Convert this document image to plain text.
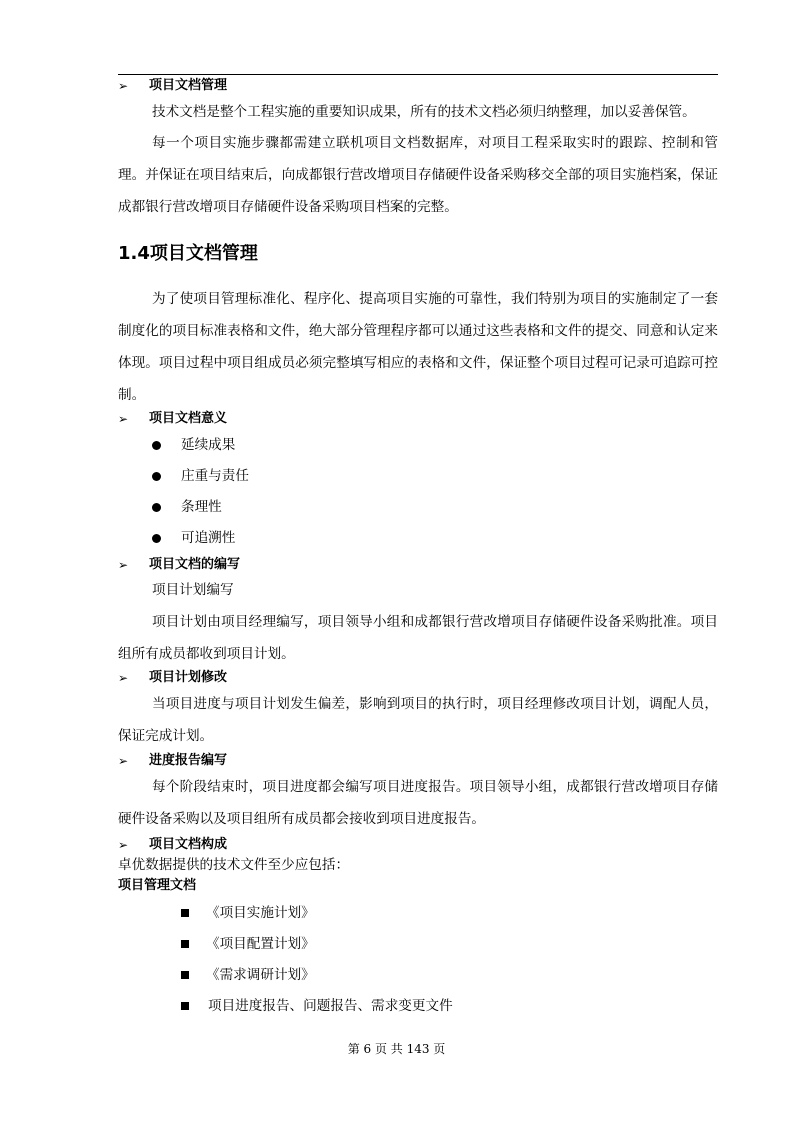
➢ 项目文档管理
技术文档是整个工程实施的重要知识成果，所有的技术文档必须归纳整理，加以妥善保管。
每一个项目实施步骤都需建立联机项目文档数据库，对项目工程采取实时的跟踪、控制和管理。并保证在项目结束后，向成都银行营改增项目存储硬件设备采购移交全部的项目实施档案，保证成都银行营改增项目存储硬件设备采购项目档案的完整。
1.4项目文档管理
为了使项目管理标准化、程序化、提高项目实施的可靠性，我们特别为项目的实施制定了一套制度化的项目标准表格和文件，绝大部分管理程序都可以通过这些表格和文件的提交、同意和认定来体现。项目过程中项目组成员必须完整填写相应的表格和文件，保证整个项目过程可记录可追踪可控制。
➢ 项目文档意义
延续成果
庄重与责任
条理性
可追溯性
➢ 项目文档的编写
项目计划编写
项目计划由项目经理编写，项目领导小组和成都银行营改增项目存储硬件设备采购批准。项目组所有成员都收到项目计划。
➢ 项目计划修改
当项目进度与项目计划发生偏差，影响到项目的执行时，项目经理修改项目计划，调配人员，保证完成计划。
➢ 进度报告编写
每个阶段结束时，项目进度都会编写项目进度报告。项目领导小组，成都银行营改增项目存储硬件设备采购以及项目组所有成员都会接收到项目进度报告。
➢ 项目文档构成
卓优数据提供的技术文件至少应包括：
项目管理文档
《项目实施计划》
《项目配置计划》
《需求调研计划》
项目进度报告、问题报告、需求变更文件
第 6 页 共 143 页
